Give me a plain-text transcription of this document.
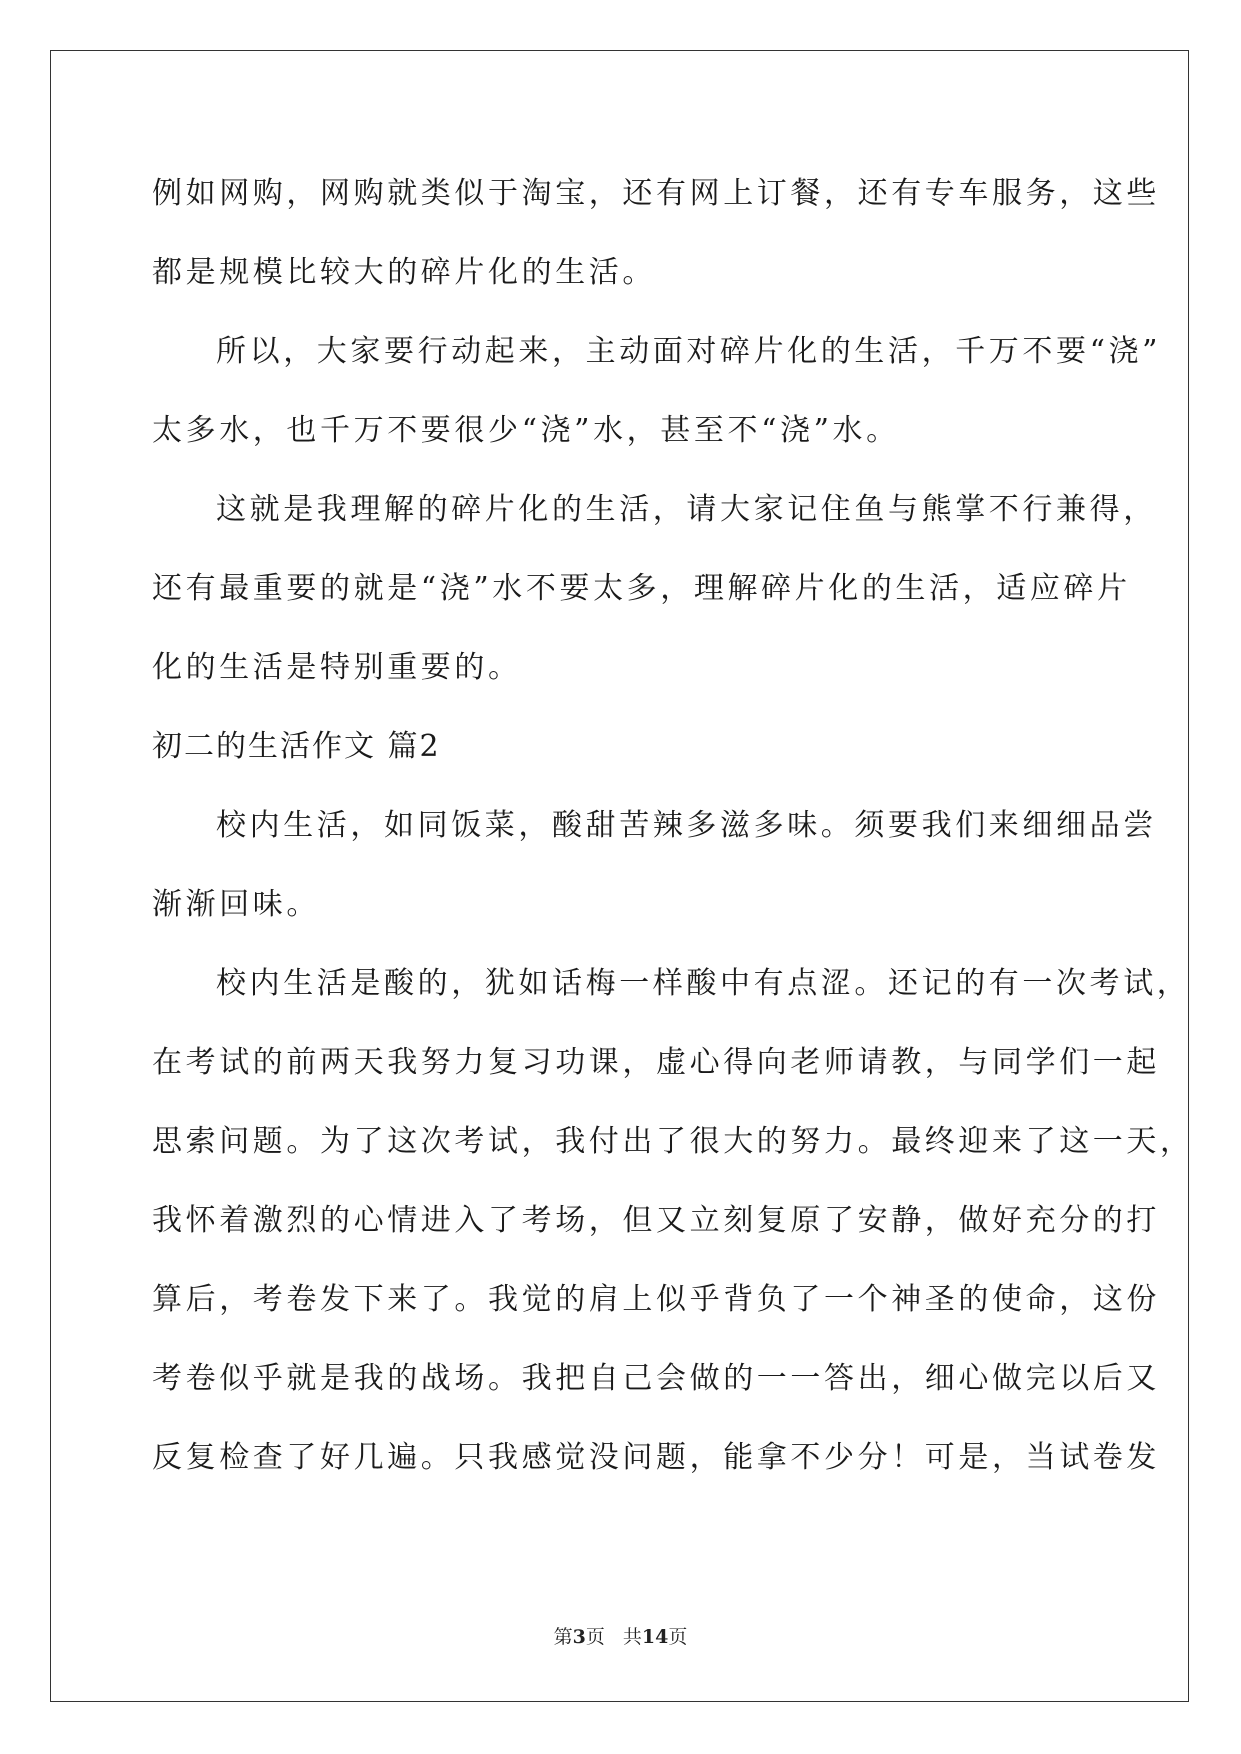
例如网购，网购就类似于淘宝，还有网上订餐，还有专车服务，这些
都是规模比较大的碎片化的生活。
所以，大家要行动起来，主动面对碎片化的生活，千万不要“浇”
太多水，也千万不要很少“浇”水，甚至不“浇”水。
这就是我理解的碎片化的生活，请大家记住鱼与熊掌不行兼得，
还有最重要的就是“浇”水不要太多，理解碎片化的生活，适应碎片
化的生活是特别重要的。
初二的生活作文 篇2
校内生活，如同饭菜，酸甜苦辣多滋多味。须要我们来细细品尝
渐渐回味。
校内生活是酸的，犹如话梅一样酸中有点涩。还记的有一次考试，
在考试的前两天我努力复习功课，虚心得向老师请教，与同学们一起
思索问题。为了这次考试，我付出了很大的努力。最终迎来了这一天，
我怀着激烈的心情进入了考场，但又立刻复原了安静，做好充分的打
算后，考卷发下来了。我觉的肩上似乎背负了一个神圣的使命，这份
考卷似乎就是我的战场。我把自己会做的一一答出，细心做完以后又
反复检查了好几遍。只我感觉没问题，能拿不少分！可是，当试卷发
第3页 共14页
